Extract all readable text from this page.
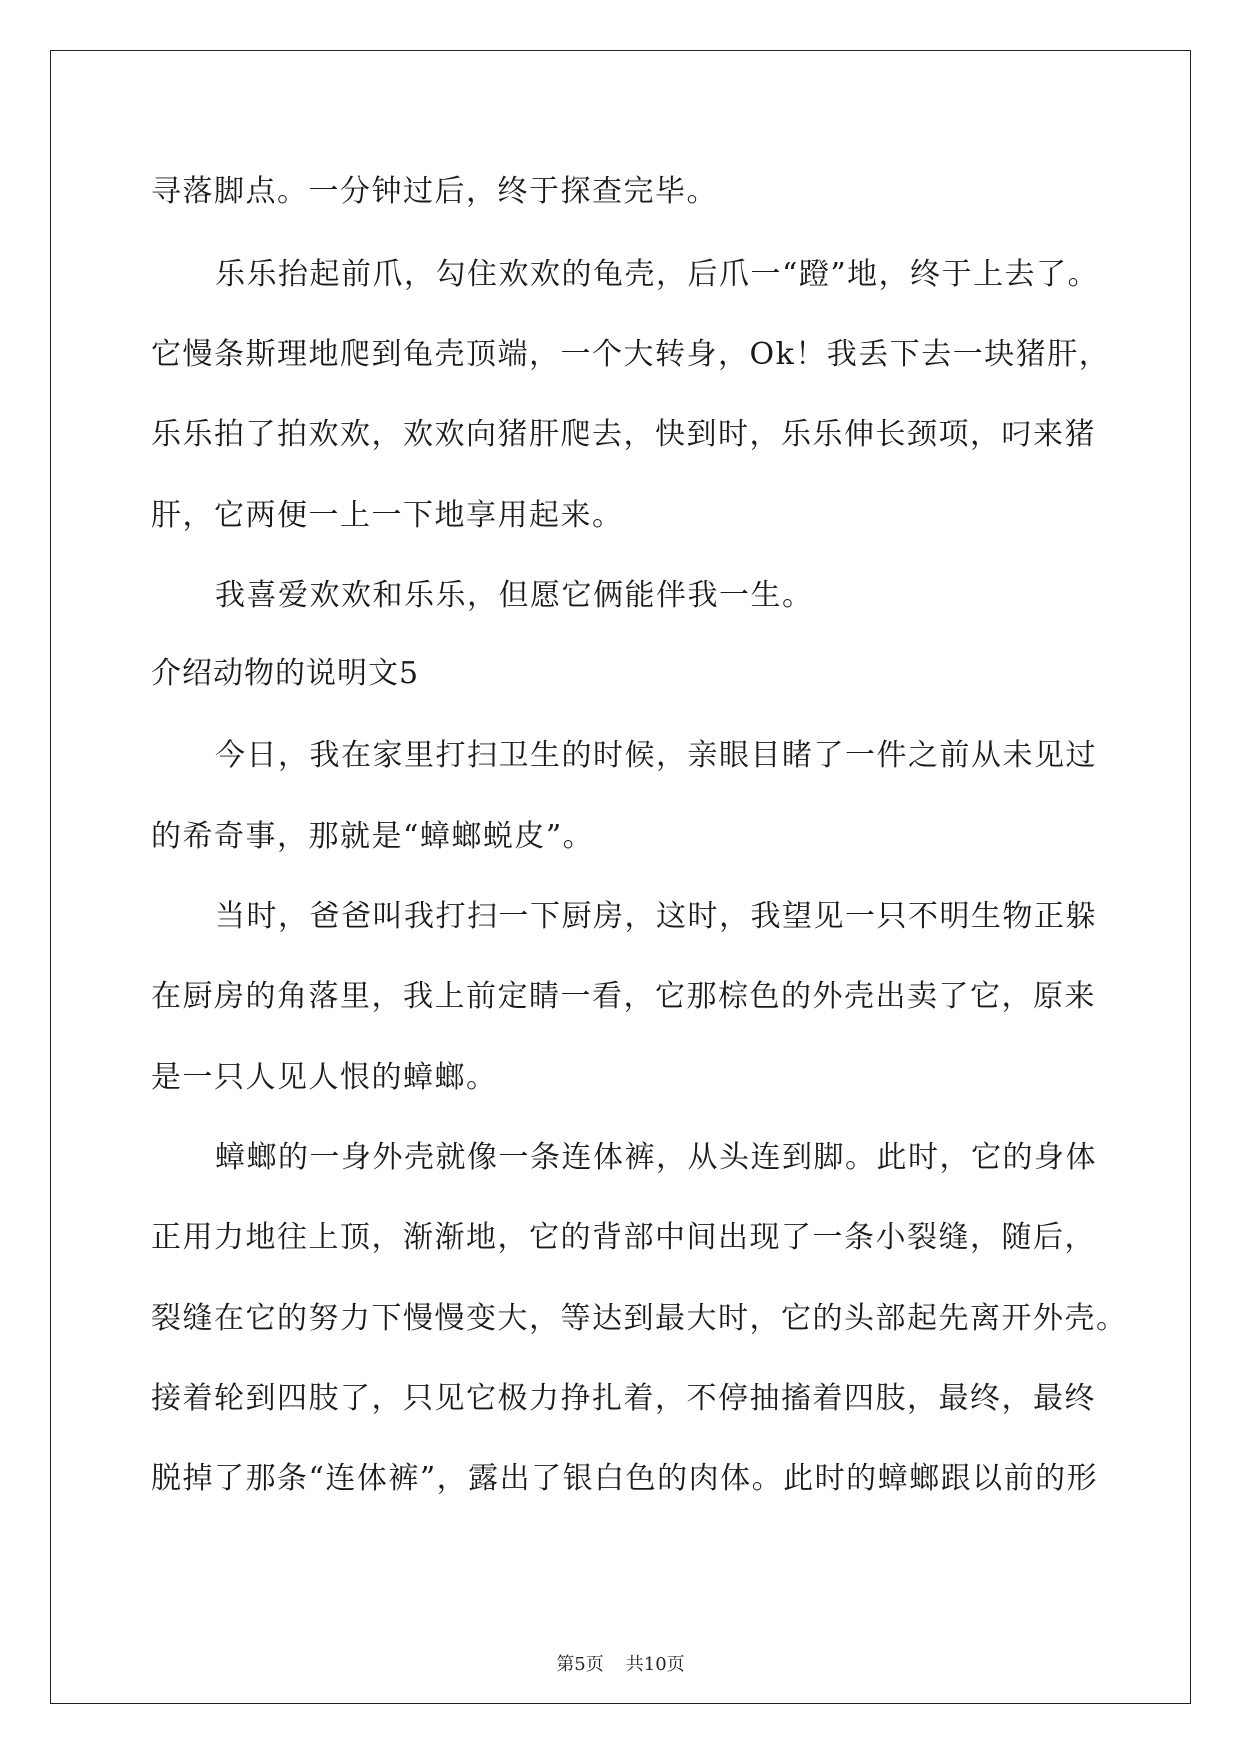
寻落脚点。一分钟过后，终于探查完毕。
乐乐抬起前爪，勾住欢欢的龟壳，后爪一“蹬”地，终于上去了。
它慢条斯理地爬到龟壳顶端，一个大转身，Ok！我丢下去一块猪肝，
乐乐拍了拍欢欢，欢欢向猪肝爬去，快到时，乐乐伸长颈项，叼来猪
肝，它两便一上一下地享用起来。
我喜爱欢欢和乐乐，但愿它俩能伴我一生。
介绍动物的说明文5
今日，我在家里打扫卫生的时候，亲眼目睹了一件之前从未见过
的希奇事，那就是“蟑螂蜕皮”。
当时，爸爸叫我打扫一下厨房，这时，我望见一只不明生物正躲
在厨房的角落里，我上前定睛一看，它那棕色的外壳出卖了它，原来
是一只人见人恨的蟑螂。
蟑螂的一身外壳就像一条连体裤，从头连到脚。此时，它的身体
正用力地往上顶，渐渐地，它的背部中间出现了一条小裂缝，随后，
裂缝在它的努力下慢慢变大，等达到最大时，它的头部起先离开外壳。
接着轮到四肢了，只见它极力挣扎着，不停抽搐着四肢，最终，最终
脱掉了那条“连体裤”，露出了银白色的肉体。此时的蟑螂跟以前的形
第5页 共10页
